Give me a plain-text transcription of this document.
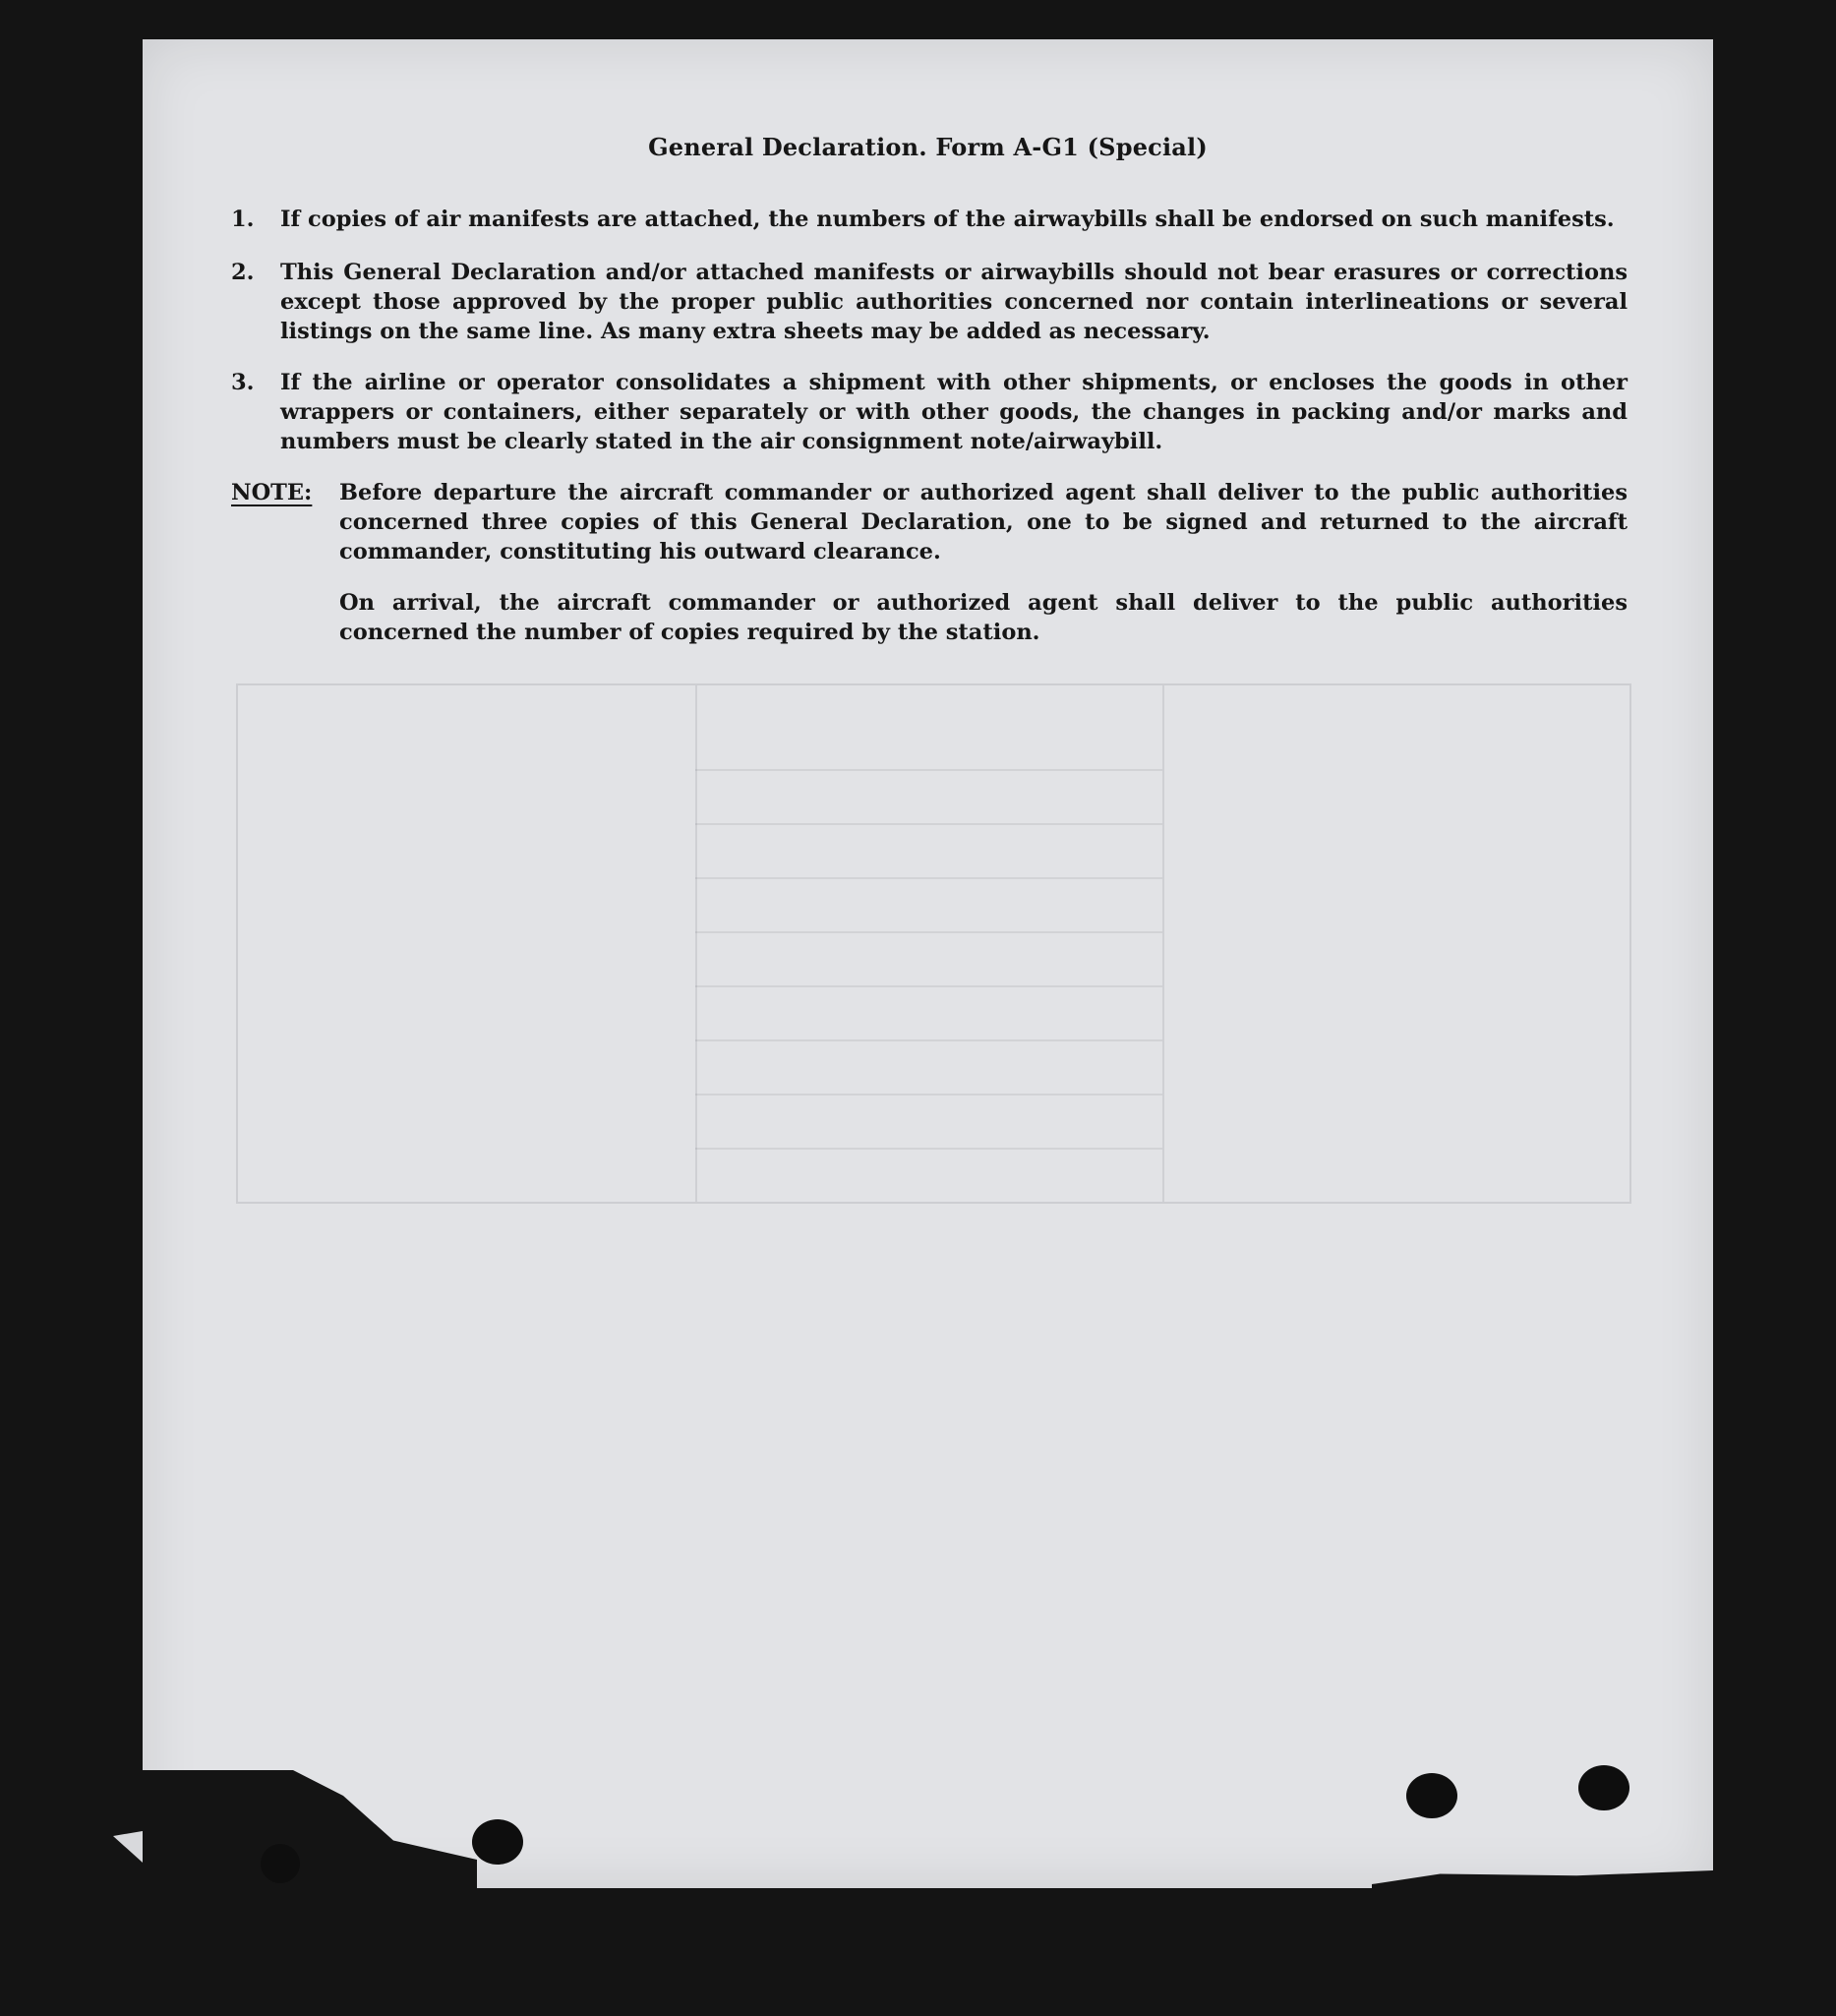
General Declaration. Form A-G1 (Special)
1.	If copies of air manifests are attached, the numbers of the airwaybills shall be endorsed on such manifests.
2.	This General Declaration and/or attached manifests or airwaybills should not bear erasures or corrections except those approved by the proper public authorities concerned nor contain interlineations or several listings on the same line. As many extra sheets may be added as necessary.
3.	If the airline or operator consolidates a shipment with other shipments, or encloses the goods in other wrappers or containers, either separately or with other goods, the changes in packing and/or marks and numbers must be clearly stated in the air consignment note/airwaybill.
NOTE: Before departure the aircraft commander or authorized agent shall deliver to the public authorities concerned three copies of this General Declaration, one to be signed and returned to the aircraft commander, constituting his outward clearance.
On arrival, the aircraft commander or authorized agent shall deliver to the public authorities concerned the number of copies required by the station.
